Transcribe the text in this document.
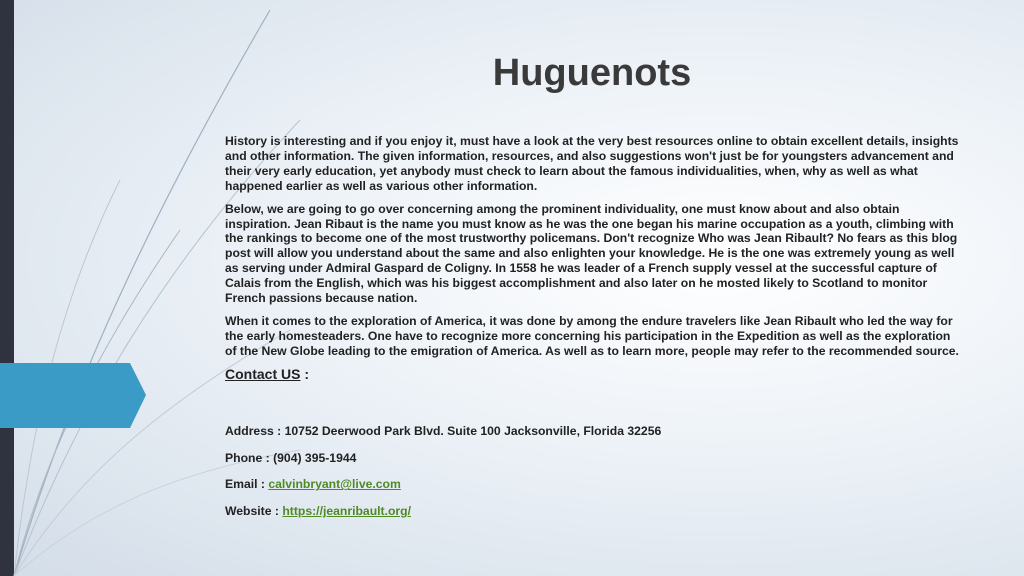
Huguenots

History is interesting and if you enjoy it, must have a look at the very best resources online to obtain excellent details, insights and other information. The given information, resources, and also suggestions won't just be for youngsters advancement and their very early education, yet anybody must check to learn about the famous individualities, when, why as well as what happened earlier as well as various other information.

Below, we are going to go over concerning among the prominent individuality, one must know about and also obtain inspiration. Jean Ribaut is the name you must know as he was the one began his marine occupation as a youth, climbing with the rankings to become one of the most trustworthy policemans. Don't recognize Who was Jean Ribault? No fears as this blog post will allow you understand about the same and also enlighten your knowledge. He is the one was extremely young as well as serving under Admiral Gaspard de Coligny. In 1558 he was leader of a French supply vessel at the successful capture of Calais from the English, which was his biggest accomplishment and also later on he mosted likely to Scotland to monitor French passions because nation.

When it comes to the exploration of America, it was done by among the endure travelers like Jean Ribault who led the way for the early homesteaders. One have to recognize more concerning his participation in the Expedition as well as the exploration of the New Globe leading to the emigration of America. As well as to learn more, people may refer to the recommended source.

Contact US :

Address : 10752 Deerwood Park Blvd. Suite 100 Jacksonville, Florida 32256

Phone : (904) 395-1944

Email : calvinbryant@live.com

Website : https://jeanribault.org/
